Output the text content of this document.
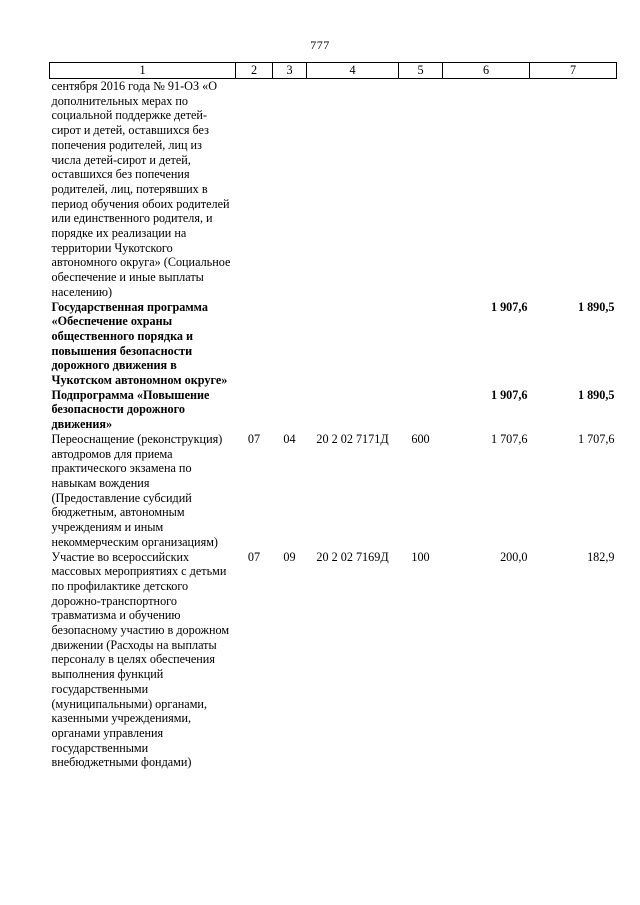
777
1	2	3	4	5	6	7
сентября 2016 года № 91-ОЗ «О дополнительных мерах по социальной поддержке детей-сирот и детей, оставшихся без попечения родителей, лиц из числа детей-сирот и детей, оставшихся без попечения родителей, лиц, потерявших в период обучения обоих родителей или единственного родителя, и порядке их реализации на территории Чукотского автономного округа» (Социальное обеспечение и иные выплаты населению)						
Государственная программа «Обеспечение охраны общественного порядка и повышения безопасности дорожного движения в Чукотском автономном округе»					1 907,6	1 890,5
Подпрограмма «Повышение безопасности дорожного движения»					1 907,6	1 890,5
Переоснащение (реконструкция) автодромов для приема практического экзамена по навыкам вождения (Предоставление субсидий бюджетным, автономным учреждениям и иным некоммерческим организациям)	07	04	20 2 02 7171Д	600	1 707,6	1 707,6
Участие во всероссийских массовых мероприятиях с детьми по профилактике детского дорожно-транспортного травматизма и обучению безопасному участию в дорожном движении (Расходы на выплаты персоналу в целях обеспечения выполнения функций государственными (муниципальными) органами, казенными учреждениями, органами управления государственными внебюджетными фондами)	07	09	20 2 02 7169Д	100	200,0	182,9
